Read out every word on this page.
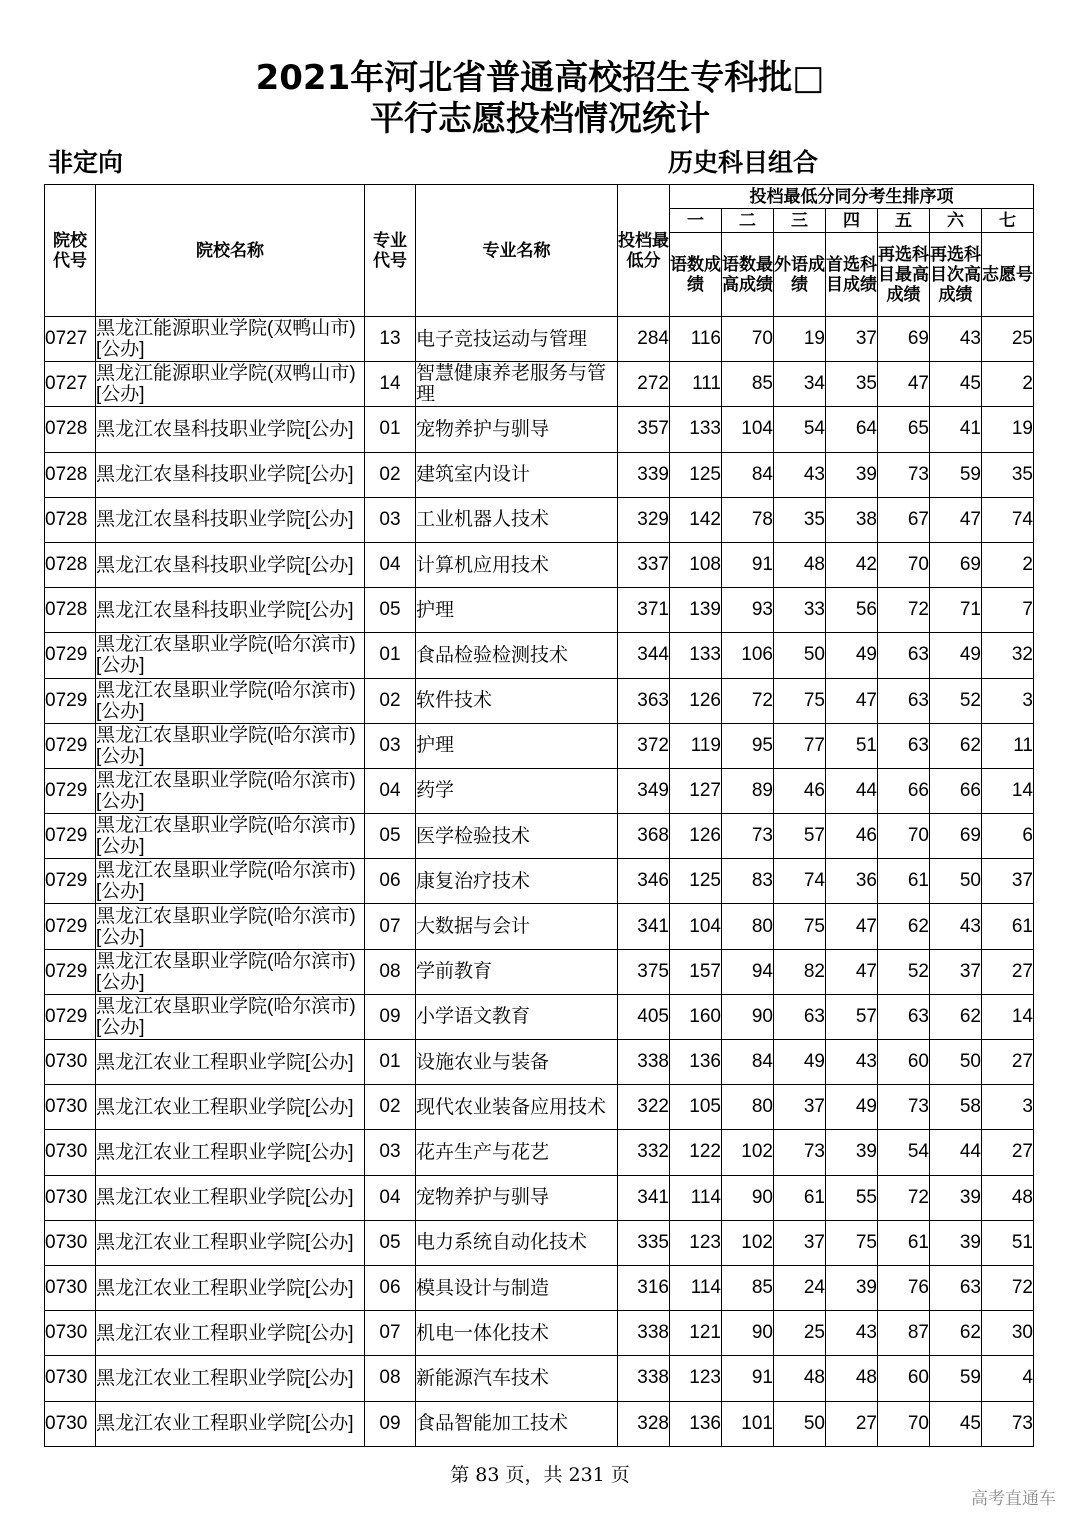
2021年河北省普通高校招生专科批□
平行志愿投档情况统计
非定向	历史科目组合
院校代号	院校名称	专业代号	专业名称	投档最低分	投档最低分同分考生排序项						
					一	二	三	四	五	六	七
					语数成绩	语数最高成绩	外语成绩	首选科目成绩	再选科目最高成绩	再选科目次高成绩	志愿号
0727	黑龙江能源职业学院(双鸭山市)[公办]	13	电子竞技运动与管理	284	116	70	19	37	69	43	25
0727	黑龙江能源职业学院(双鸭山市)[公办]	14	智慧健康养老服务与管理	272	111	85	34	35	47	45	2
0728	黑龙江农垦科技职业学院[公办]	01	宠物养护与驯导	357	133	104	54	64	65	41	19
0728	黑龙江农垦科技职业学院[公办]	02	建筑室内设计	339	125	84	43	39	73	59	35
0728	黑龙江农垦科技职业学院[公办]	03	工业机器人技术	329	142	78	35	38	67	47	74
0728	黑龙江农垦科技职业学院[公办]	04	计算机应用技术	337	108	91	48	42	70	69	2
0728	黑龙江农垦科技职业学院[公办]	05	护理	371	139	93	33	56	72	71	7
0729	黑龙江农垦职业学院(哈尔滨市)[公办]	01	食品检验检测技术	344	133	106	50	49	63	49	32
0729	黑龙江农垦职业学院(哈尔滨市)[公办]	02	软件技术	363	126	72	75	47	63	52	3
0729	黑龙江农垦职业学院(哈尔滨市)[公办]	03	护理	372	119	95	77	51	63	62	11
0729	黑龙江农垦职业学院(哈尔滨市)[公办]	04	药学	349	127	89	46	44	66	66	14
0729	黑龙江农垦职业学院(哈尔滨市)[公办]	05	医学检验技术	368	126	73	57	46	70	69	6
0729	黑龙江农垦职业学院(哈尔滨市)[公办]	06	康复治疗技术	346	125	83	74	36	61	50	37
0729	黑龙江农垦职业学院(哈尔滨市)[公办]	07	大数据与会计	341	104	80	75	47	62	43	61
0729	黑龙江农垦职业学院(哈尔滨市)[公办]	08	学前教育	375	157	94	82	47	52	37	27
0729	黑龙江农垦职业学院(哈尔滨市)[公办]	09	小学语文教育	405	160	90	63	57	63	62	14
0730	黑龙江农业工程职业学院[公办]	01	设施农业与装备	338	136	84	49	43	60	50	27
0730	黑龙江农业工程职业学院[公办]	02	现代农业装备应用技术	322	105	80	37	49	73	58	3
0730	黑龙江农业工程职业学院[公办]	03	花卉生产与花艺	332	122	102	73	39	54	44	27
0730	黑龙江农业工程职业学院[公办]	04	宠物养护与驯导	341	114	90	61	55	72	39	48
0730	黑龙江农业工程职业学院[公办]	05	电力系统自动化技术	335	123	102	37	75	61	39	51
0730	黑龙江农业工程职业学院[公办]	06	模具设计与制造	316	114	85	24	39	76	63	72
0730	黑龙江农业工程职业学院[公办]	07	机电一体化技术	338	121	90	25	43	87	62	30
0730	黑龙江农业工程职业学院[公办]	08	新能源汽车技术	338	123	91	48	48	60	59	4
0730	黑龙江农业工程职业学院[公办]	09	食品智能加工技术	328	136	101	50	27	70	45	73
第 83 页，共 231 页
高考直通车
